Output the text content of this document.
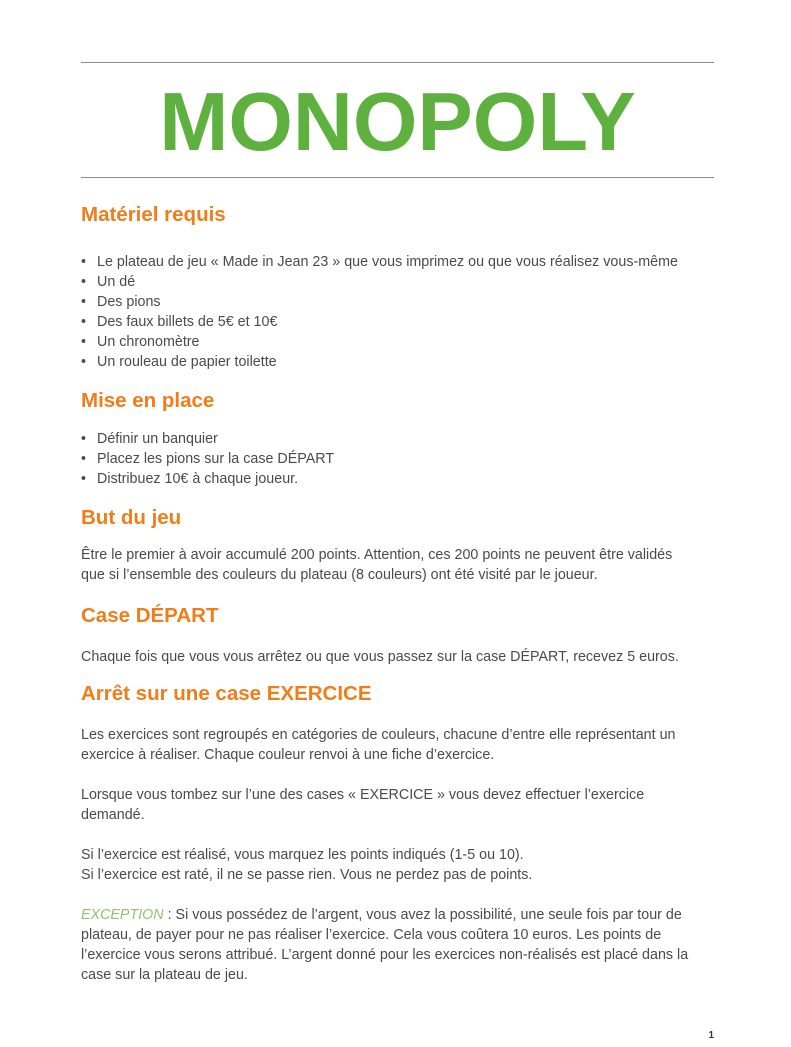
MONOPOLY
Matériel requis
• Le plateau de jeu « Made in Jean 23 » que vous imprimez ou que vous réalisez vous-même
• Un dé
• Des pions
• Des faux billets de 5€ et 10€
• Un chronomètre
• Un rouleau de papier toilette
Mise en place
• Définir un banquier
• Placez les pions sur la case DÉPART
• Distribuez 10€ à chaque joueur.
But du jeu

Être le premier à avoir accumulé 200 points. Attention, ces 200 points ne peuvent être validés
que si l’ensemble des couleurs du plateau (8 couleurs) ont été visité par le joueur.

Case DÉPART

Chaque fois que vous vous arrêtez ou que vous passez sur la case DÉPART, recevez 5 euros.

Arrêt sur une case EXERCICE

Les exercices sont regroupés en catégories de couleurs, chacune d’entre elle représentant un
exercice à réaliser. Chaque couleur renvoi à une fiche d’exercice.

Lorsque vous tombez sur l’une des cases « EXERCICE » vous devez effectuer l’exercice
demandé.

Si l’exercice est réalisé, vous marquez les points indiqués (1-5 ou 10).
Si l’exercice est raté, il ne se passe rien. Vous ne perdez pas de points.

EXCEPTION : Si vous possédez de l’argent, vous avez la possibilité, une seule fois par tour de
plateau, de payer pour ne pas réaliser l’exercice. Cela vous coûtera 10 euros. Les points de
l’exercice vous serons attribué. L’argent donné pour les exercices non-réalisés est placé dans la
case sur la plateau de jeu.

1
